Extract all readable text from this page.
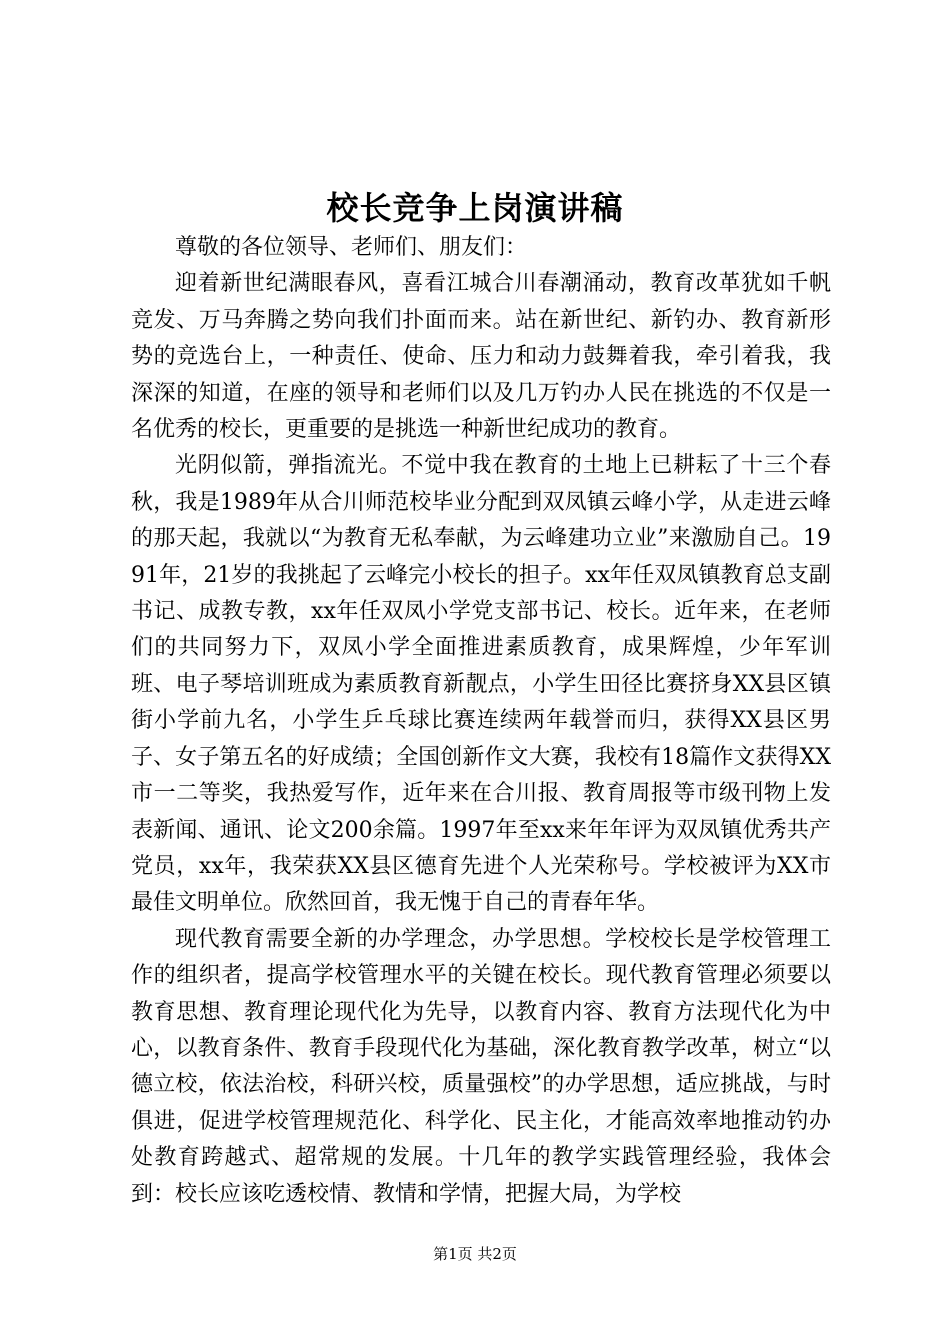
校长竞争上岗演讲稿

尊敬的各位领导、老师们、朋友们：

迎着新世纪满眼春风，喜看江城合川春潮涌动，教育改革犹如千帆竞发、万马奔腾之势向我们扑面而来。站在新世纪、新钓办、教育新形势的竞选台上，一种责任、使命、压力和动力鼓舞着我，牵引着我，我深深的知道，在座的领导和老师们以及几万钓办人民在挑选的不仅是一名优秀的校长，更重要的是挑选一种新世纪成功的教育。

光阴似箭，弹指流光。不觉中我在教育的土地上已耕耘了十三个春秋，我是1989年从合川师范校毕业分配到双凤镇云峰小学，从走进云峰的那天起，我就以“为教育无私奉献，为云峰建功立业”来激励自己。1991年，21岁的我挑起了云峰完小校长的担子。xx年任双凤镇教育总支副书记、成教专教，xx年任双凤小学党支部书记、校长。近年来，在老师们的共同努力下，双凤小学全面推进素质教育，成果辉煌，少年军训班、电子琴培训班成为素质教育新靓点，小学生田径比赛挤身XX县区镇街小学前九名，小学生乒乓球比赛连续两年载誉而归，获得XX县区男子、女子第五名的好成绩；全国创新作文大赛，我校有18篇作文获得XX市一二等奖，我热爱写作，近年来在合川报、教育周报等市级刊物上发表新闻、通讯、论文200余篇。1997年至xx来年年评为双凤镇优秀共产党员，xx年，我荣获XX县区德育先进个人光荣称号。学校被评为XX市最佳文明单位。欣然回首，我无愧于自己的青春年华。

现代教育需要全新的办学理念，办学思想。学校校长是学校管理工作的组织者，提高学校管理水平的关键在校长。现代教育管理必须要以教育思想、教育理论现代化为先导，以教育内容、教育方法现代化为中心，以教育条件、教育手段现代化为基础，深化教育教学改革，树立“以德立校，依法治校，科研兴校，质量强校”的办学思想，适应挑战，与时俱进，促进学校管理规范化、科学化、民主化，才能高效率地推动钓办处教育跨越式、超常规的发展。十几年的教学实践管理经验，我体会到：校长应该吃透校情、教情和学情，把握大局，为学校

第1页 共2页
